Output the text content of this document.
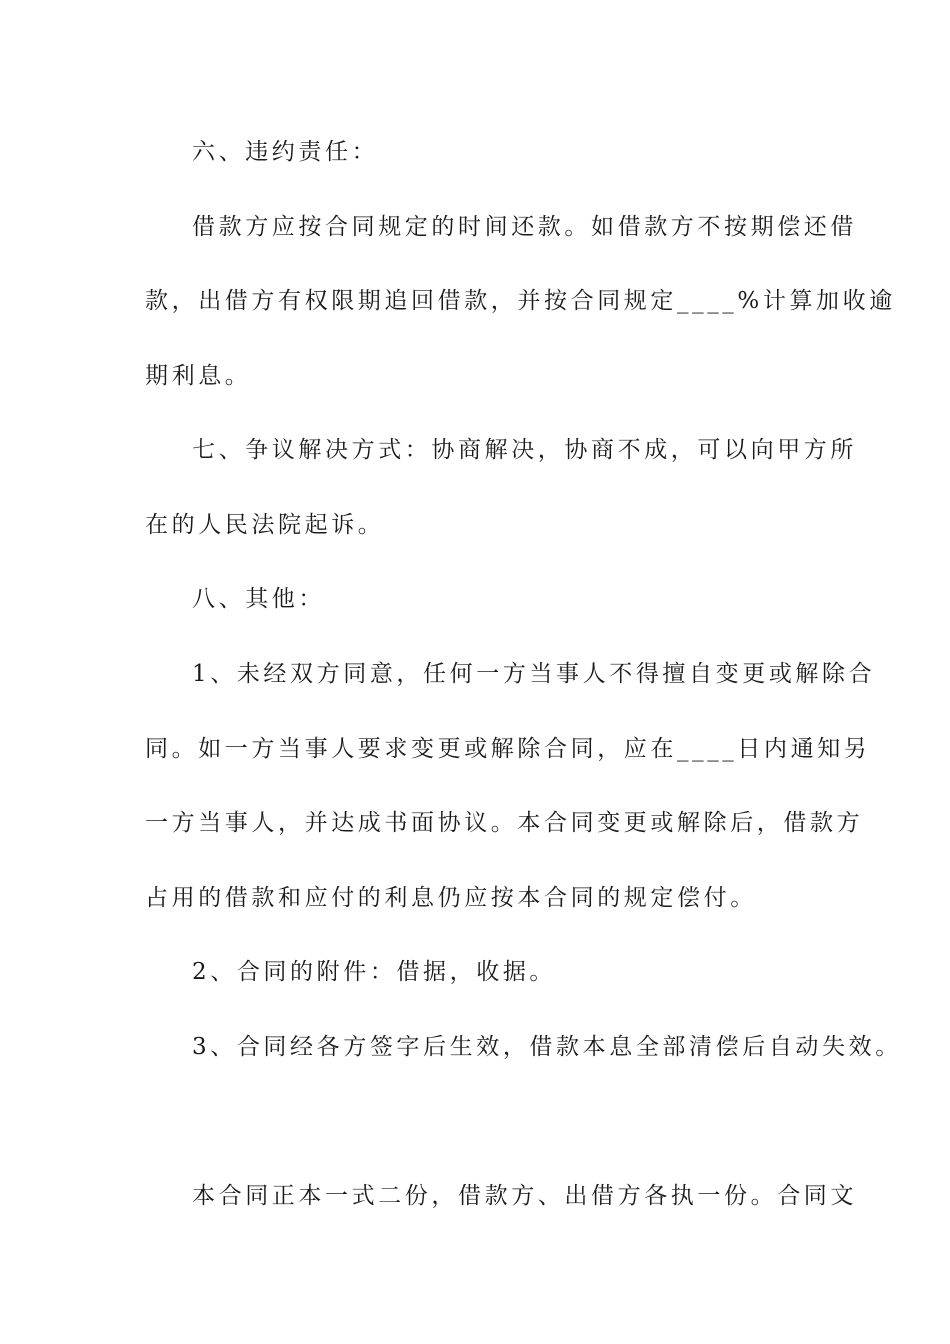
六、违约责任：
借款方应按合同规定的时间还款。如借款方不按期偿还借
款，出借方有权限期追回借款，并按合同规定____%计算加收逾
期利息。
七、争议解决方式：协商解决，协商不成，可以向甲方所
在的人民法院起诉。
八、其他：
1、未经双方同意，任何一方当事人不得擅自变更或解除合
同。如一方当事人要求变更或解除合同，应在____日内通知另
一方当事人，并达成书面协议。本合同变更或解除后，借款方
占用的借款和应付的利息仍应按本合同的规定偿付。
2、合同的附件：借据，收据。
3、合同经各方签字后生效，借款本息全部清偿后自动失效。
本合同正本一式二份，借款方、出借方各执一份。合同文
